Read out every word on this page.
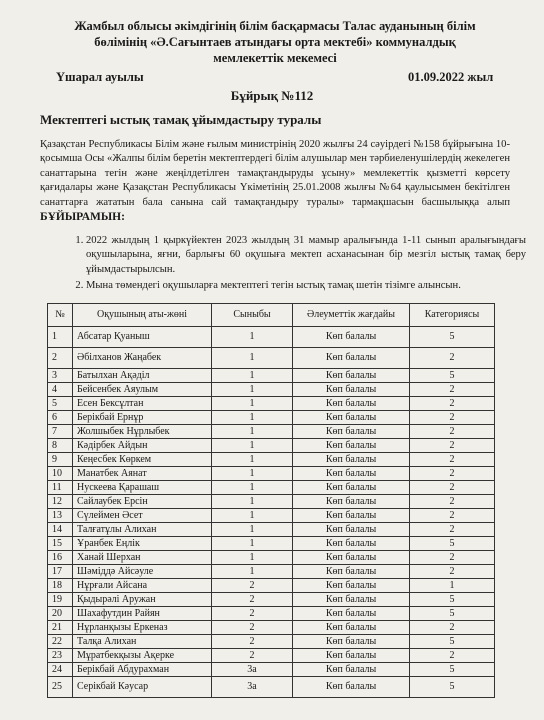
Жамбыл облысы әкімдігінің білім басқармасы Талас ауданының білім
бөлімінің «Ә.Сағынтаев атындағы орта мектебі» коммуналдық
мемлекеттік мекемесі
Үшарал ауылы	01.09.2022 жыл
Бұйрық №112
Мектептегі ыстық тамақ ұйымдастыру туралы
Қазақстан Республикасы Білім және ғылым министрінің 2020 жылғы 24 сәуірдегі №158 бұйрығына 10-қосымша Осы «Жалпы білім беретін мектептердегі білім алушылар мен тәрбиеленушілердің жекелеген санаттарына тегін және жеңілдетілген тамақтандыруды ұсыну» мемлекеттік қызметті көрсету қағидалары және Қазақстан Республикасы Үкіметінің 25.01.2008 жылғы №64 қаулысымен бекітілген санаттарға жататын бала санына сай тамақтандыру туралы» тармақшасын басшылыққа алып БҰЙЫРАМЫН:
1. 2022 жылдың 1 қыркүйектен 2023 жылдың 31 мамыр аралығында 1-11 сынып аралығындағы оқушыларына, яғни, барлығы 60 оқушыға мектеп асханасынан бір мезгіл ыстық тамақ беру ұйымдастырылсын.
2. Мына төмендегі оқушыларға мектептегі тегін ыстық тамақ шетін тізімге алынсын.
№	Оқушының аты-жөні	Сыныбы	Әлеуметтік жағдайы	Категориясы
1	Абсатар Қуаныш	1	Көп балалы	5
2	Әбілханов Жаңабек	1	Көп балалы	2
3	Батылхан Ақәділ	1	Көп балалы	5
4	Бейсенбек Аяулым	1	Көп балалы	2
5	Есен Бексұлтан	1	Көп балалы	2
6	Берікбай Ернұр	1	Көп балалы	2
7	Жолшыбек Нұрлыбек	1	Көп балалы	2
8	Кәдірбек Айдын	1	Көп балалы	2
9	Кеңесбек Көркем	1	Көп балалы	2
10	Манатбек Аянат	1	Көп балалы	2
11	Нускеева Қарашаш	1	Көп балалы	2
12	Сайлаубек Ерсін	1	Көп балалы	2
13	Сүлеймен Әсет	1	Көп балалы	2
14	Талғатұлы Алихан	1	Көп балалы	2
15	Ұранбек Еңлік	1	Көп балалы	5
16	Ханай Шерхан	1	Көп балалы	2
17	Шәміддә Айсәуле	1	Көп балалы	2
18	Нұрғали Айсана	2	Көп балалы	1
19	Қыдырәлі Аружан	2	Көп балалы	5
20	Шахафутдин Райян	2	Көп балалы	5
21	Нұрланқызы Еркеназ	2	Көп балалы	2
22	Талқа Алихан	2	Көп балалы	5
23	Мұратбекқызы Ақерке	2	Көп балалы	2
24	Берікбай Абдурахман	3а	Көп балалы	5
25	Серікбай Кәусар	3а	Көп балалы	5
